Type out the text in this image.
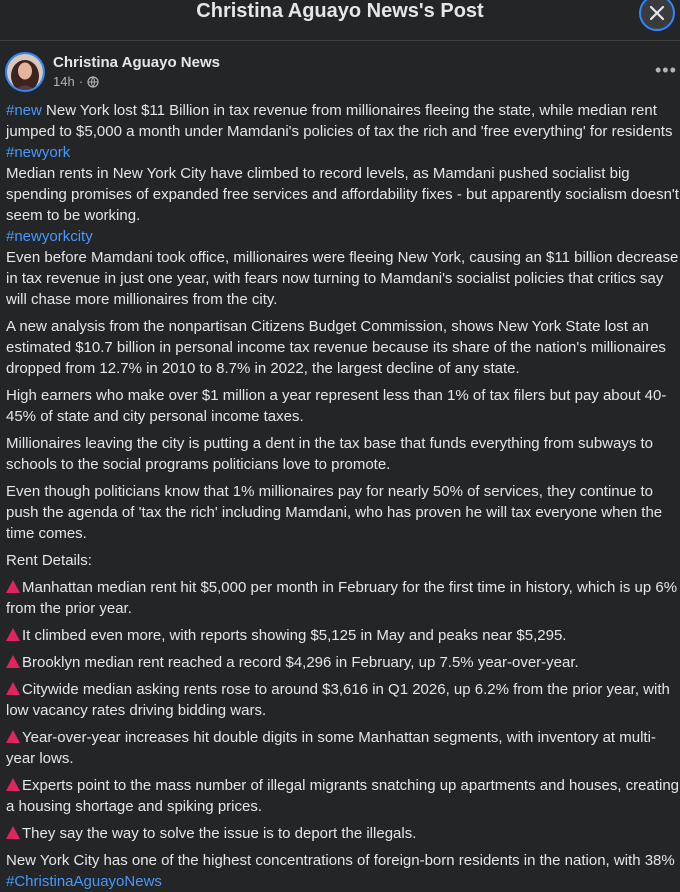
Christina Aguayo News's Post
Christina Aguayo News
14h ·
•••

#new New York lost $11 Billion in tax revenue from millionaires fleeing the state, while median rent jumped to $5,000 a month under Mamdani's policies of tax the rich and 'free everything' for residents

#newyork

Median rents in New York City have climbed to record levels, as Mamdani pushed socialist big spending promises of expanded free services and affordability fixes - but apparently socialism doesn't seem to be working.

#newyorkcity

Even before Mamdani took office, millionaires were fleeing New York, causing an $11 billion decrease in tax revenue in just one year, with fears now turning to Mamdani's socialist policies that critics say will chase more millionaires from the city.

A new analysis from the nonpartisan Citizens Budget Commission, shows New York State lost an estimated $10.7 billion in personal income tax revenue because its share of the nation's millionaires dropped from 12.7% in 2010 to 8.7% in 2022, the largest decline of any state.

High earners who make over $1 million a year represent less than 1% of tax filers but pay about 40-45% of state and city personal income taxes.

Millionaires leaving the city is putting a dent in the tax base that funds everything from subways to schools to the social programs politicians love to promote.

Even though politicians know that 1% millionaires pay for nearly 50% of services, they continue to push the agenda of 'tax the rich' including Mamdani, who has proven he will tax everyone when the time comes.

Rent Details:

Manhattan median rent hit $5,000 per month in February for the first time in history, which is up 6% from the prior year.

It climbed even more, with reports showing $5,125 in May and peaks near $5,295.

Brooklyn median rent reached a record $4,296 in February, up 7.5% year-over-year.

Citywide median asking rents rose to around $3,616 in Q1 2026, up 6.2% from the prior year, with low vacancy rates driving bidding wars.

Year-over-year increases hit double digits in some Manhattan segments, with inventory at multi-year lows.

Experts point to the mass number of illegal migrants snatching up apartments and houses, creating a housing shortage and spiking prices.

They say the way to solve the issue is to deport the illegals.

New York City has one of the highest concentrations of foreign-born residents in the nation, with 38%

#ChristinaAguayoNews
